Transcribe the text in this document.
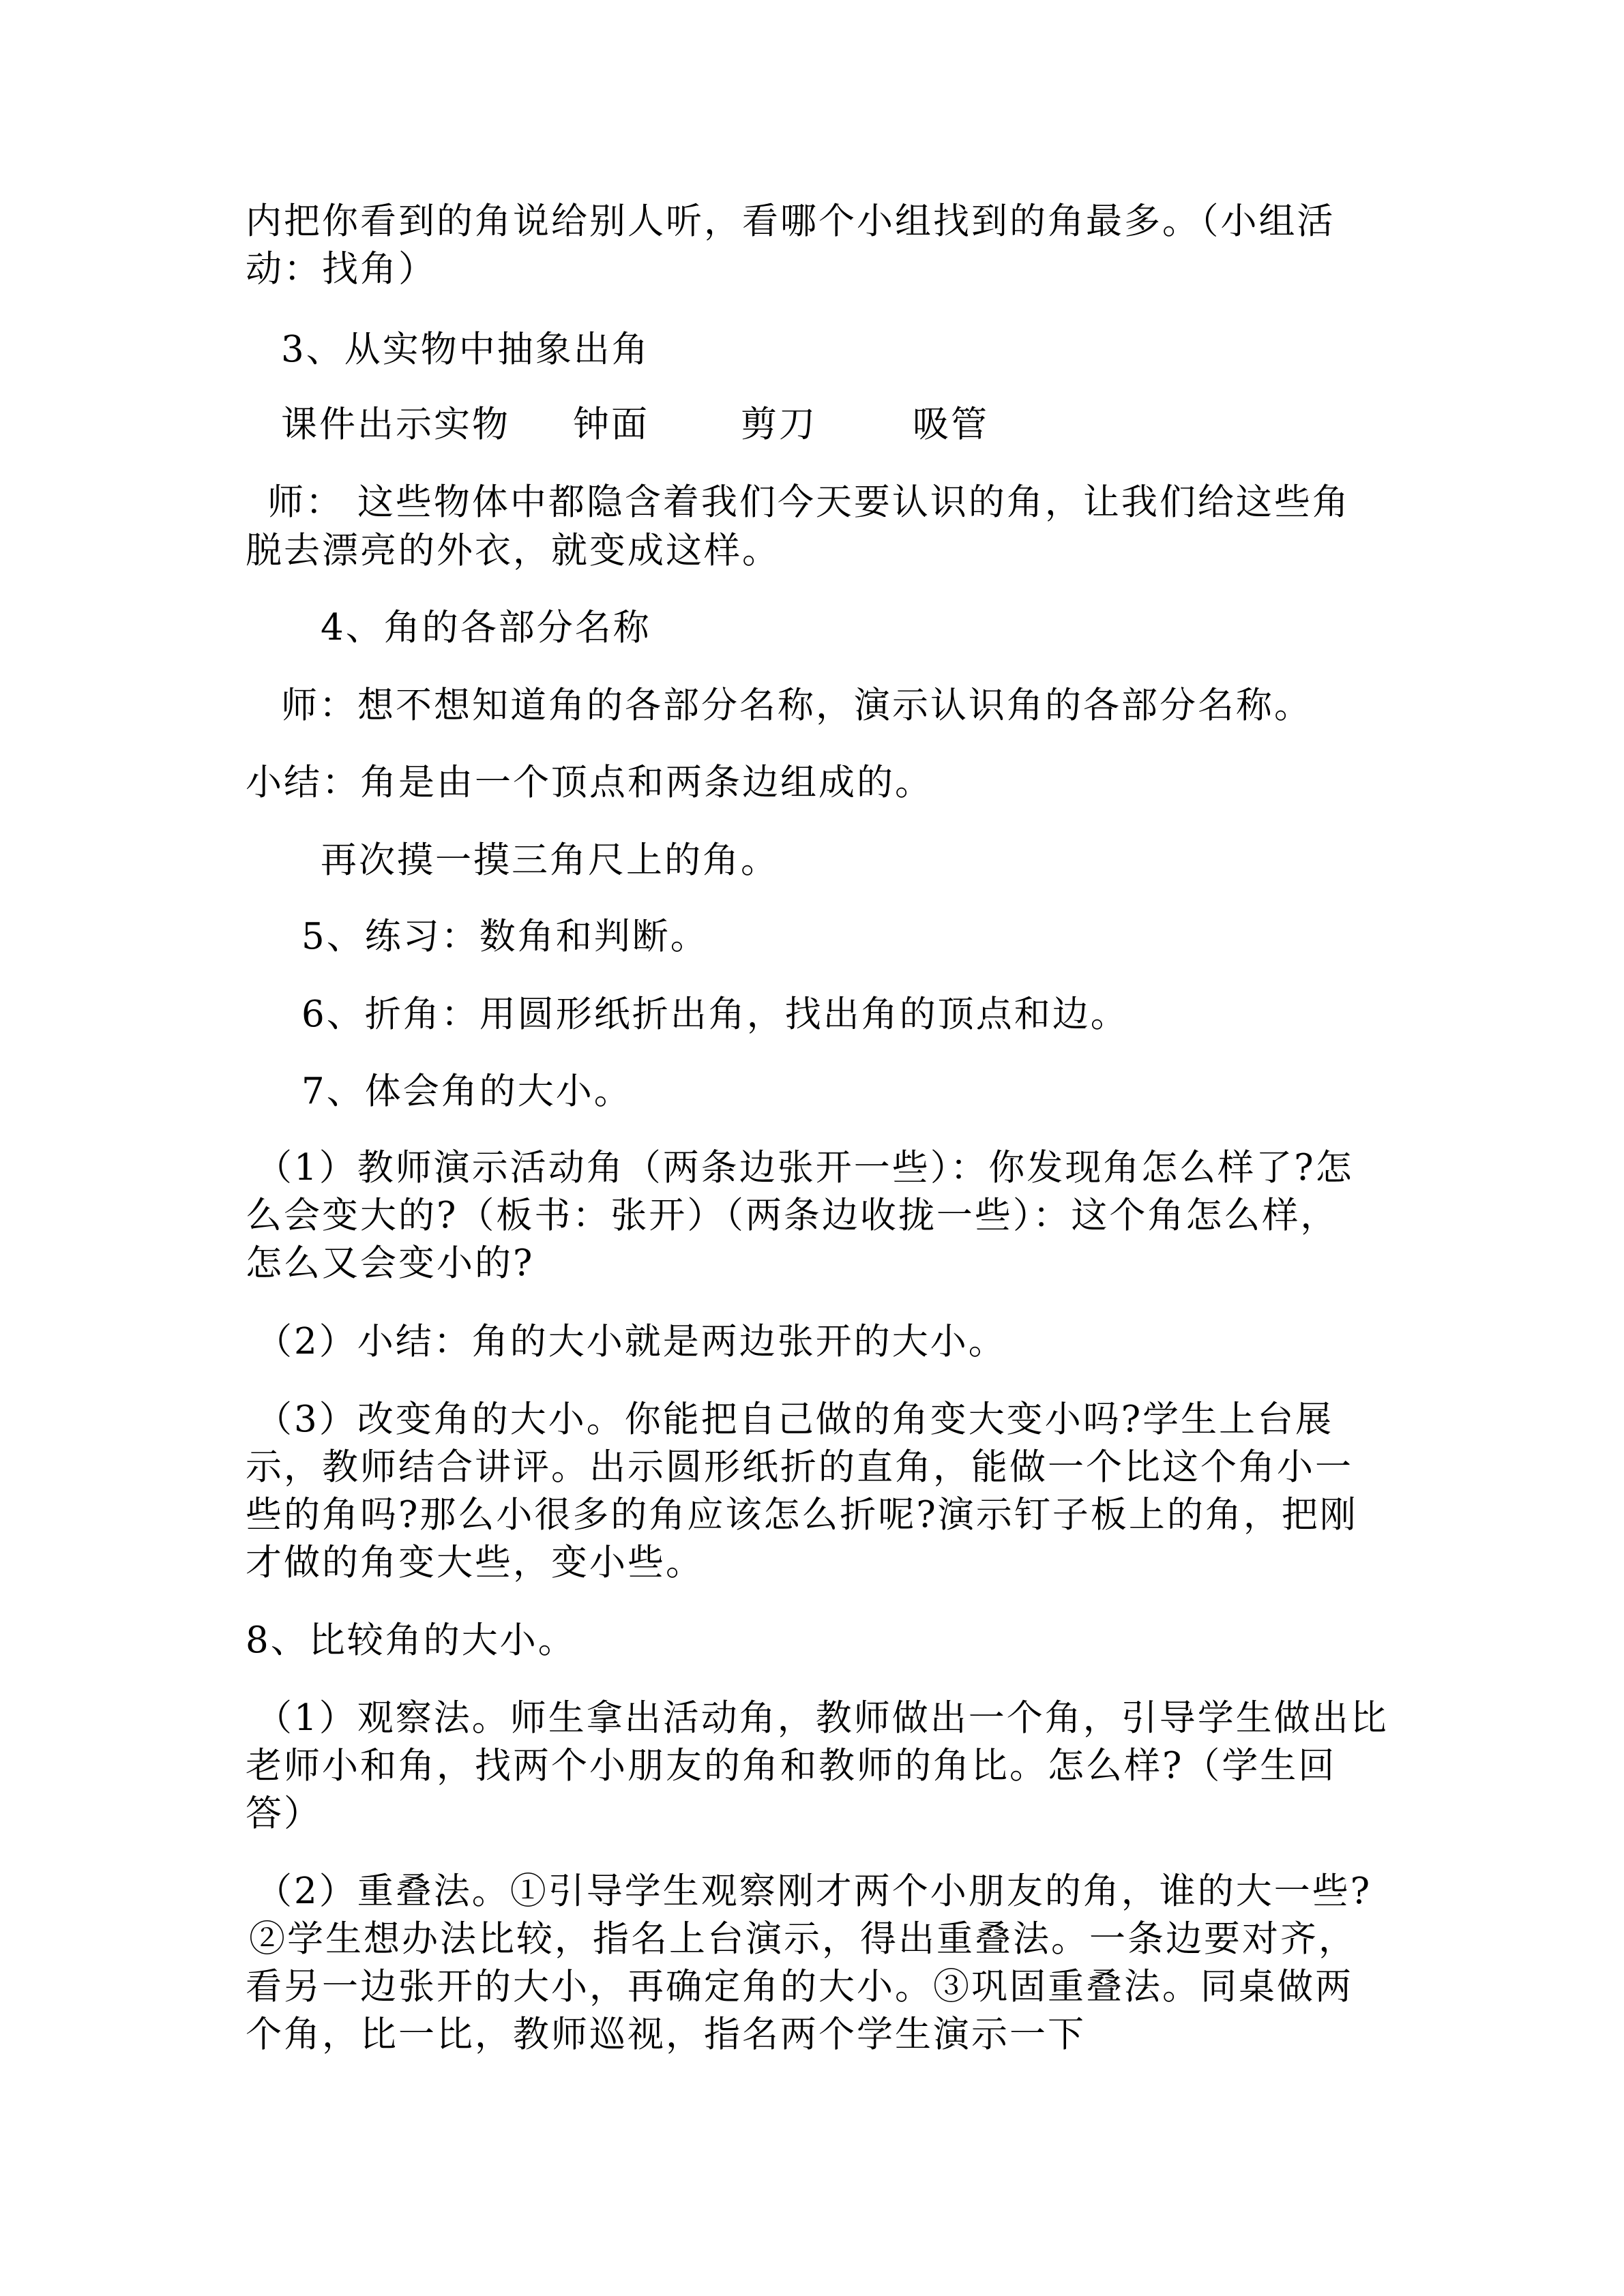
内把你看到的角说给别人听，看哪个小组找到的角最多。（小组活

动：找角）

3、从实物中抽象出角

课件出示实物	钟面	剪刀	吸管

师： 这些物体中都隐含着我们今天要认识的角，让我们给这些角

脱去漂亮的外衣，就变成这样。

4、角的各部分名称

师：想不想知道角的各部分名称，演示认识角的各部分名称。

小结：角是由一个顶点和两条边组成的。

再次摸一摸三角尺上的角。

5、练习：数角和判断。

6、折角：用圆形纸折出角，找出角的顶点和边。

7、体会角的大小。

（1）教师演示活动角（两条边张开一些）：你发现角怎么样了?怎

么会变大的?（板书：张开）（两条边收拢一些）：这个角怎么样，

怎么又会变小的?

（2）小结：角的大小就是两边张开的大小。

（3）改变角的大小。你能把自己做的角变大变小吗?学生上台展

示，教师结合讲评。出示圆形纸折的直角，能做一个比这个角小一

些的角吗?那么小很多的角应该怎么折呢?演示钉子板上的角，把刚

才做的角变大些，变小些。

8、比较角的大小。

（1）观察法。师生拿出活动角，教师做出一个角，引导学生做出比

老师小和角，找两个小朋友的角和教师的角比。怎么样?（学生回

答）

（2）重叠法。①引导学生观察刚才两个小朋友的角，谁的大一些?

②学生想办法比较，指名上台演示，得出重叠法。一条边要对齐，

看另一边张开的大小，再确定角的大小。③巩固重叠法。同桌做两

个角，比一比，教师巡视，指名两个学生演示一下
